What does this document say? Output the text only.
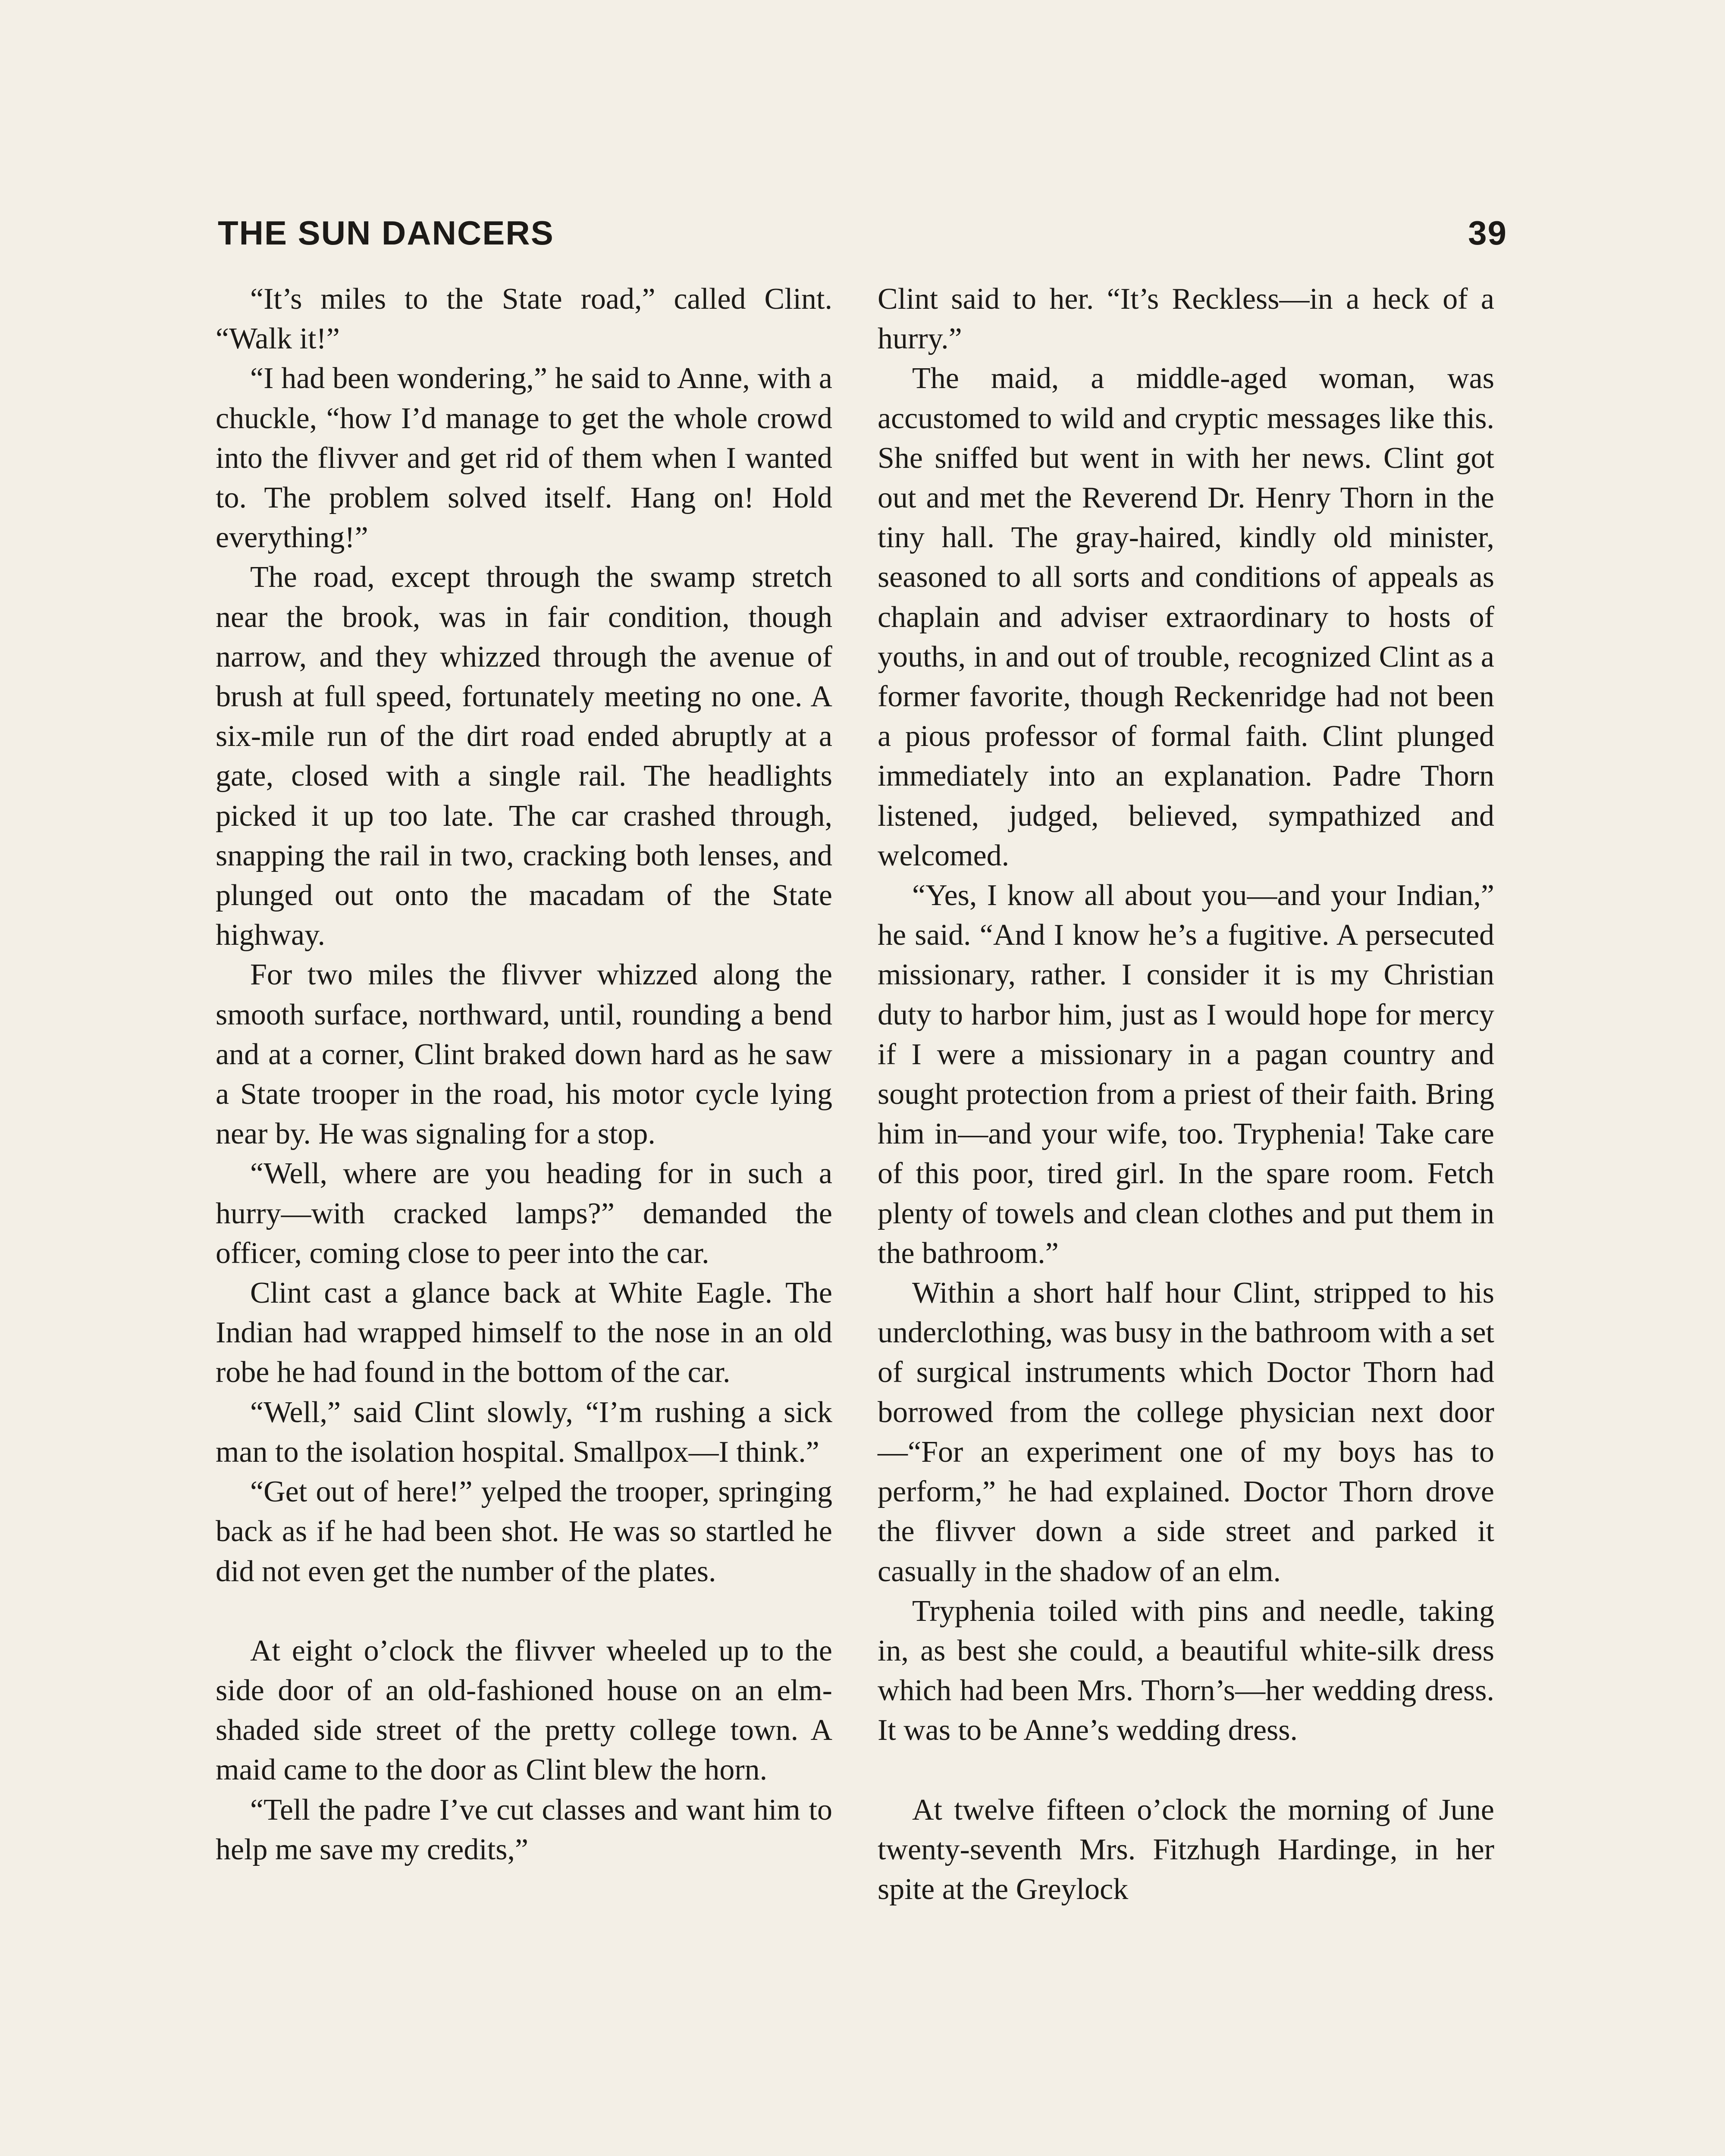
THE SUN DANCERS	39

“It’s miles to the State road,” called Clint. “Walk it!”

“I had been wondering,” he said to Anne, with a chuckle, “how I’d manage to get the whole crowd into the flivver and get rid of them when I wanted to. The problem solved itself. Hang on! Hold everything!”

The road, except through the swamp stretch near the brook, was in fair condition, though narrow, and they whizzed through the avenue of brush at full speed, fortunately meeting no one. A six-mile run of the dirt road ended abruptly at a gate, closed with a single rail. The headlights picked it up too late. The car crashed through, snapping the rail in two, cracking both lenses, and plunged out onto the macadam of the State highway.

For two miles the flivver whizzed along the smooth surface, northward, until, rounding a bend and at a corner, Clint braked down hard as he saw a State trooper in the road, his motor cycle lying near by. He was signaling for a stop.

“Well, where are you heading for in such a hurry—with cracked lamps?” demanded the officer, coming close to peer into the car.

Clint cast a glance back at White Eagle. The Indian had wrapped himself to the nose in an old robe he had found in the bottom of the car.

“Well,” said Clint slowly, “I’m rushing a sick man to the isolation hospital. Smallpox—I think.”

“Get out of here!” yelped the trooper, springing back as if he had been shot. He was so startled he did not even get the number of the plates.

At eight o’clock the flivver wheeled up to the side door of an old-fashioned house on an elm-shaded side street of the pretty college town. A maid came to the door as Clint blew the horn.

“Tell the padre I’ve cut classes and want him to help me save my credits,”

Clint said to her. “It’s Reckless—in a heck of a hurry.”

The maid, a middle-aged woman, was accustomed to wild and cryptic messages like this. She sniffed but went in with her news. Clint got out and met the Reverend Dr. Henry Thorn in the tiny hall. The gray-haired, kindly old minister, seasoned to all sorts and conditions of appeals as chaplain and adviser extraordinary to hosts of youths, in and out of trouble, recognized Clint as a former favorite, though Reckenridge had not been a pious professor of formal faith. Clint plunged immediately into an explanation. Padre Thorn listened, judged, believed, sympathized and welcomed.

“Yes, I know all about you—and your Indian,” he said. “And I know he’s a fugitive. A persecuted missionary, rather. I consider it is my Christian duty to harbor him, just as I would hope for mercy if I were a missionary in a pagan country and sought protection from a priest of their faith. Bring him in—and your wife, too. Tryphenia! Take care of this poor, tired girl. In the spare room. Fetch plenty of towels and clean clothes and put them in the bathroom.”

Within a short half hour Clint, stripped to his underclothing, was busy in the bathroom with a set of surgical instruments which Doctor Thorn had borrowed from the college physician next door—“For an experiment one of my boys has to perform,” he had explained. Doctor Thorn drove the flivver down a side street and parked it casually in the shadow of an elm.

Tryphenia toiled with pins and needle, taking in, as best she could, a beautiful white-silk dress which had been Mrs. Thorn’s—her wedding dress. It was to be Anne’s wedding dress.

At twelve fifteen o’clock the morning of June twenty-seventh Mrs. Fitzhugh Hardinge, in her spite at the Greylock
